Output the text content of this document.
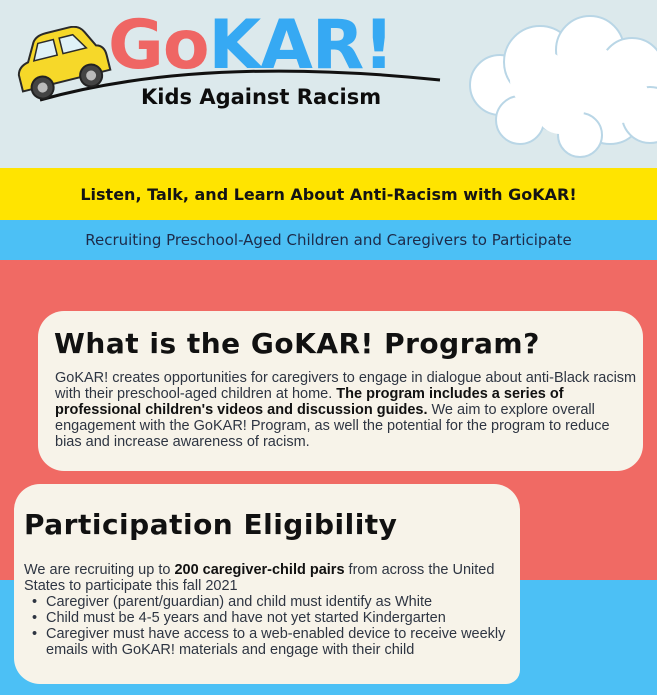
GoKAR!
Kids Against Racism
Listen, Talk, and Learn About Anti-Racism with GoKAR!
Recruiting Preschool-Aged Children and Caregivers to Participate
What is the GoKAR! Program?

GoKAR! creates opportunities for caregivers to engage in dialogue about anti-Black racism with their preschool-aged children at home. The program includes a series of professional children's videos and discussion guides. We aim to explore overall engagement with the GoKAR! Program, as well the potential for the program to reduce bias and increase awareness of racism.

Participation Eligibility

We are recruiting up to 200 caregiver-child pairs from across the United States to participate this fall 2021

• Caregiver (parent/guardian) and child must identify as White
• Child must be 4-5 years and have not yet started Kindergarten
• Caregiver must have access to a web-enabled device to receive weekly emails with GoKAR! materials and engage with their child
